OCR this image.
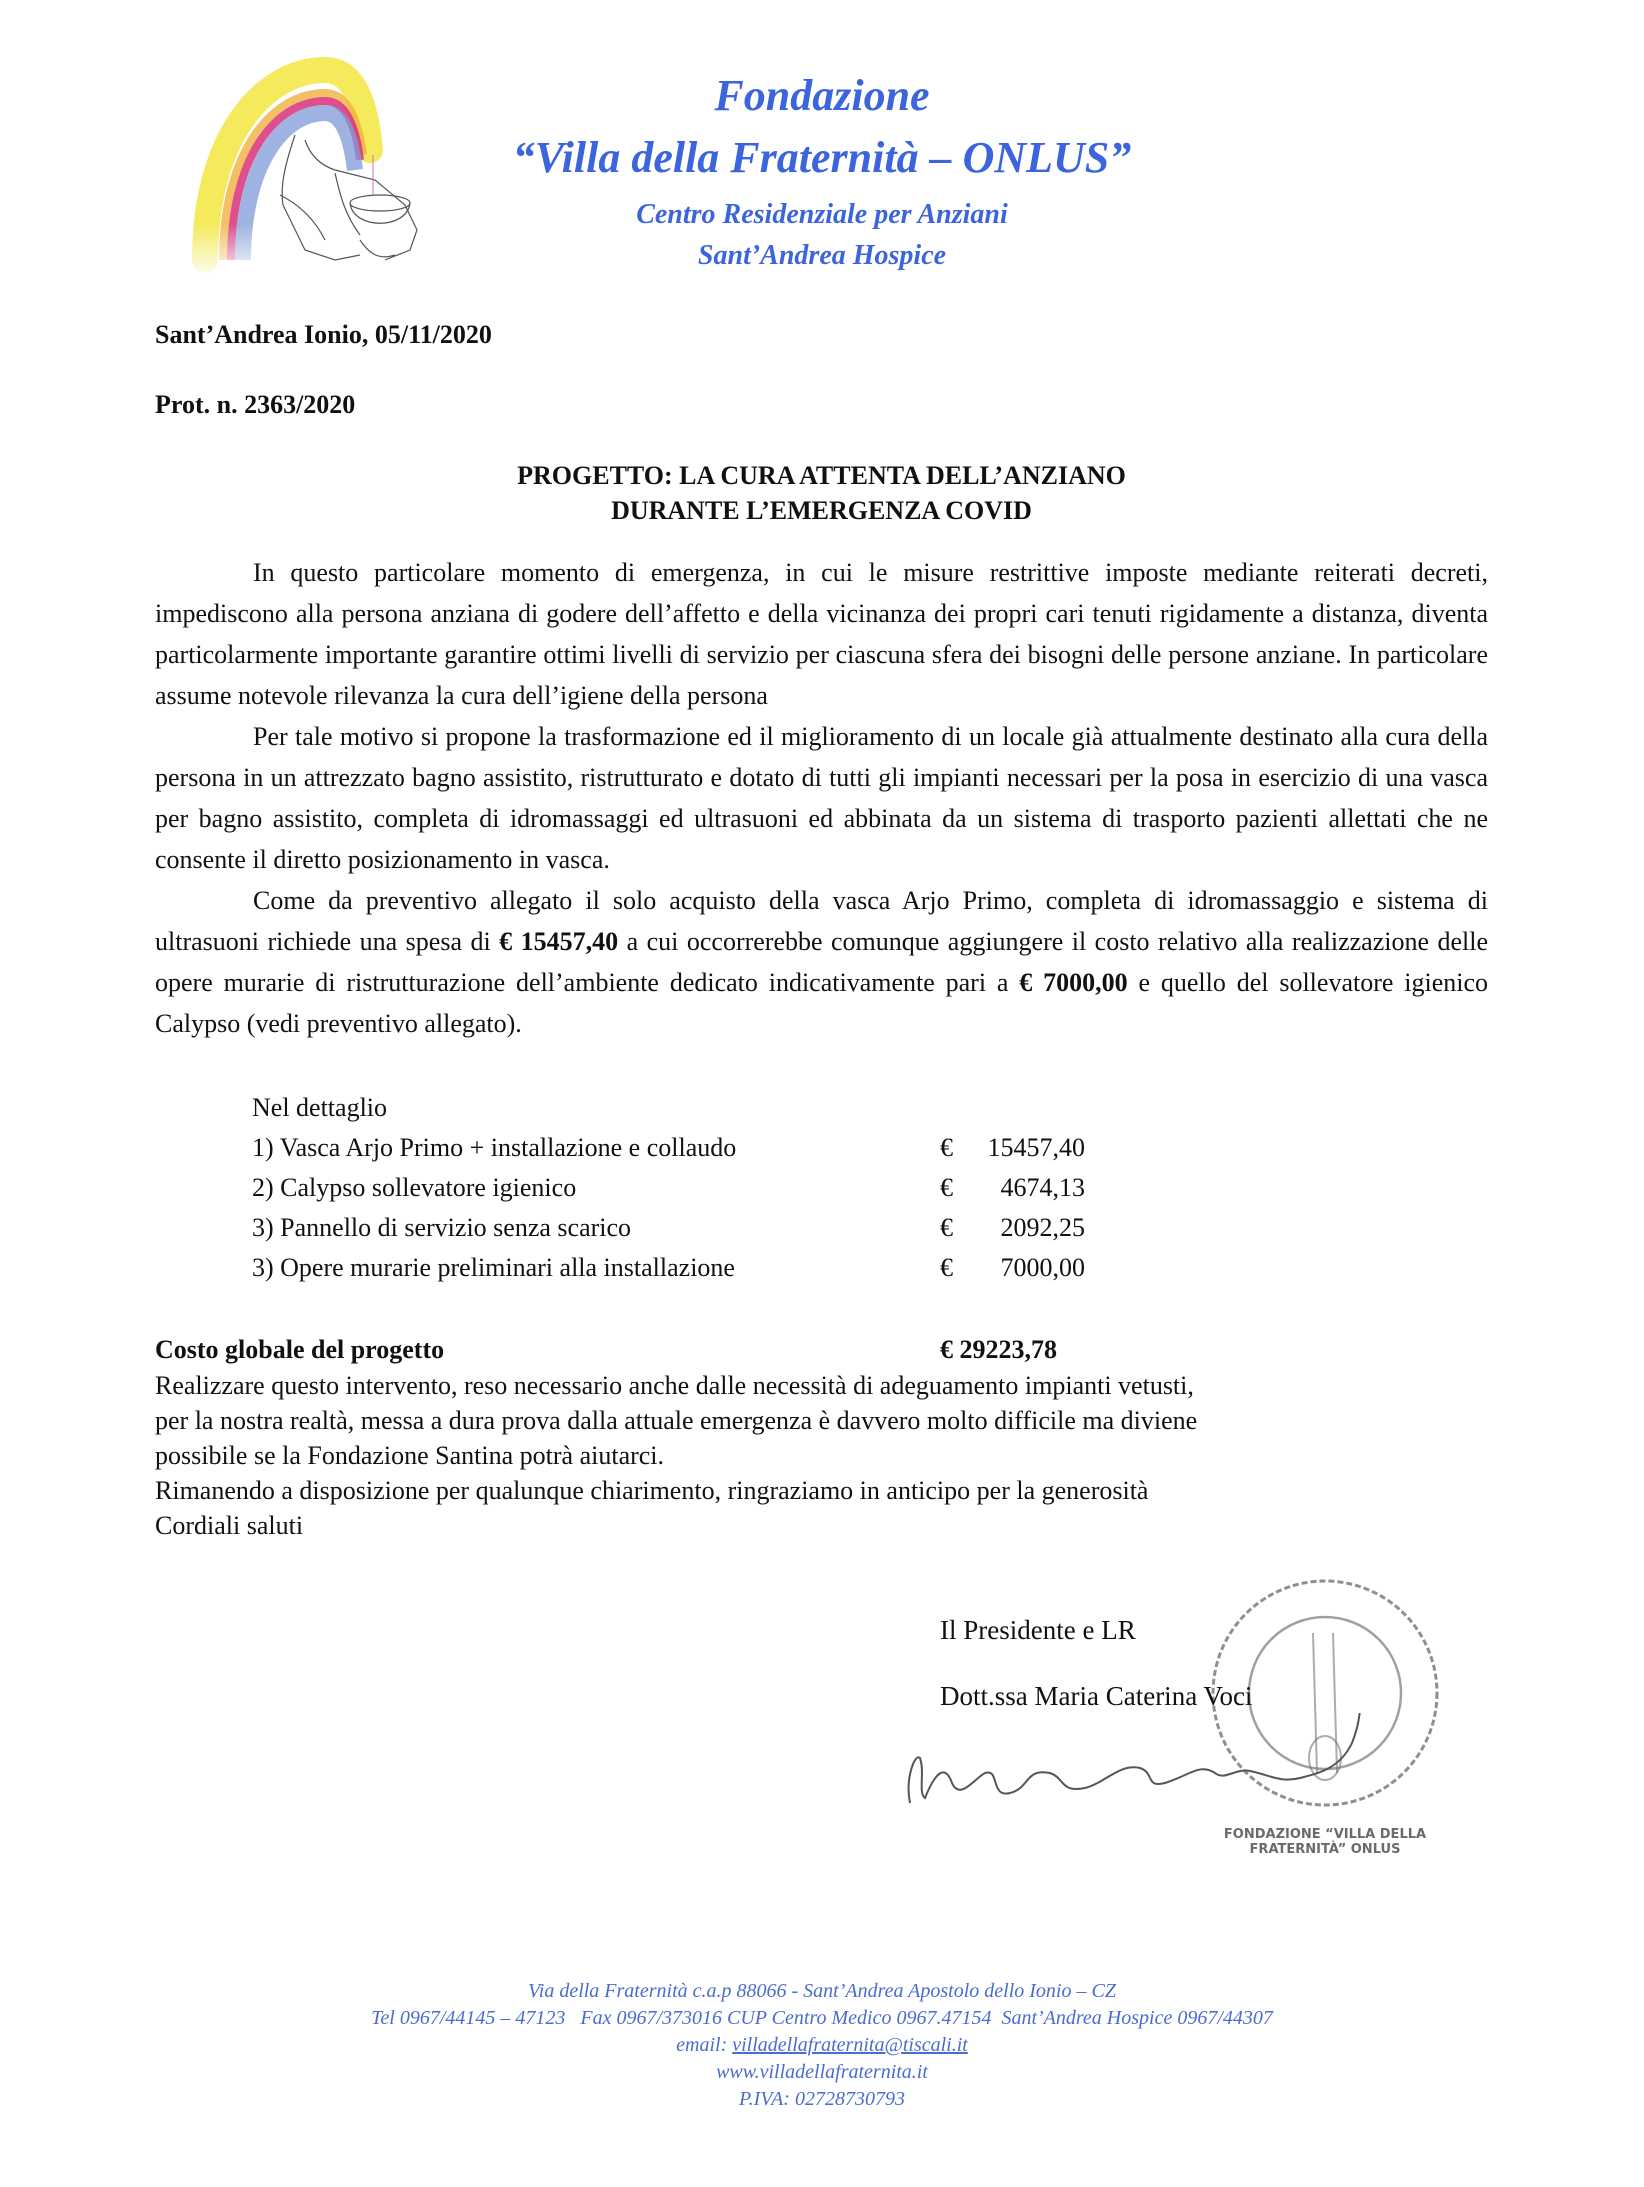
Fondazione
“Villa della Fraternità – ONLUS”
Centro Residenziale per Anziani
Sant’Andrea Hospice
Sant’Andrea Ionio, 05/11/2020
Prot. n. 2363/2020
PROGETTO: LA CURA ATTENTA DELL’ANZIANO
DURANTE L’EMERGENZA COVID

In questo particolare momento di emergenza, in cui le misure restrittive imposte mediante reiterati decreti, impediscono alla persona anziana di godere dell’affetto e della vicinanza dei propri cari tenuti rigidamente a distanza, diventa particolarmente importante garantire ottimi livelli di servizio per ciascuna sfera dei bisogni delle persone anziane. In particolare assume notevole rilevanza la cura dell’igiene della persona

Per tale motivo si propone la trasformazione ed il miglioramento di un locale già attualmente destinato alla cura della persona in un attrezzato bagno assistito, ristrutturato e dotato di tutti gli impianti necessari per la posa in esercizio di una vasca per bagno assistito, completa di idromassaggi ed ultrasuoni ed abbinata da un sistema di trasporto pazienti allettati che ne consente il diretto posizionamento in vasca.

Come da preventivo allegato il solo acquisto della vasca Arjo Primo, completa di idromassaggio e sistema di ultrasuoni richiede una spesa di € 15457,40 a cui occorrerebbe comunque aggiungere il costo relativo alla realizzazione delle opere murarie di ristrutturazione dell’ambiente dedicato indicativamente pari a € 7000,00 e quello del sollevatore igienico Calypso (vedi preventivo allegato).

Nel dettaglio
1) Vasca Arjo Primo + installazione e collaudo	€	15457,40
2) Calypso sollevatore igienico	€	4674,13
3) Pannello di servizio senza scarico	€	2092,25
3) Opere murarie preliminari alla installazione	€	7000,00
Costo globale del progetto	€ 29223,78
Realizzare questo intervento, reso necessario anche dalle necessità di adeguamento impianti vetusti,
per la nostra realtà, messa a dura prova dalla attuale emergenza è davvero molto difficile ma diviene
possibile se la Fondazione Santina potrà aiutarci.
Rimanendo a disposizione per qualunque chiarimento, ringraziamo in anticipo per la generosità
Cordiali saluti
Il Presidente e LR
Dott.ssa Maria Caterina Voci
FONDAZIONE “VILLA DELLA FRATERNITÀ” ONLUS
Via della Fraternità c.a.p 88066 - Sant’Andrea Apostolo dello Ionio – CZ
Tel 0967/44145 – 47123   Fax 0967/373016 CUP Centro Medico 0967.47154  Sant’Andrea Hospice 0967/44307
email: villadellafraternita@tiscali.it
www.villadellafraternita.it
P.IVA: 02728730793
